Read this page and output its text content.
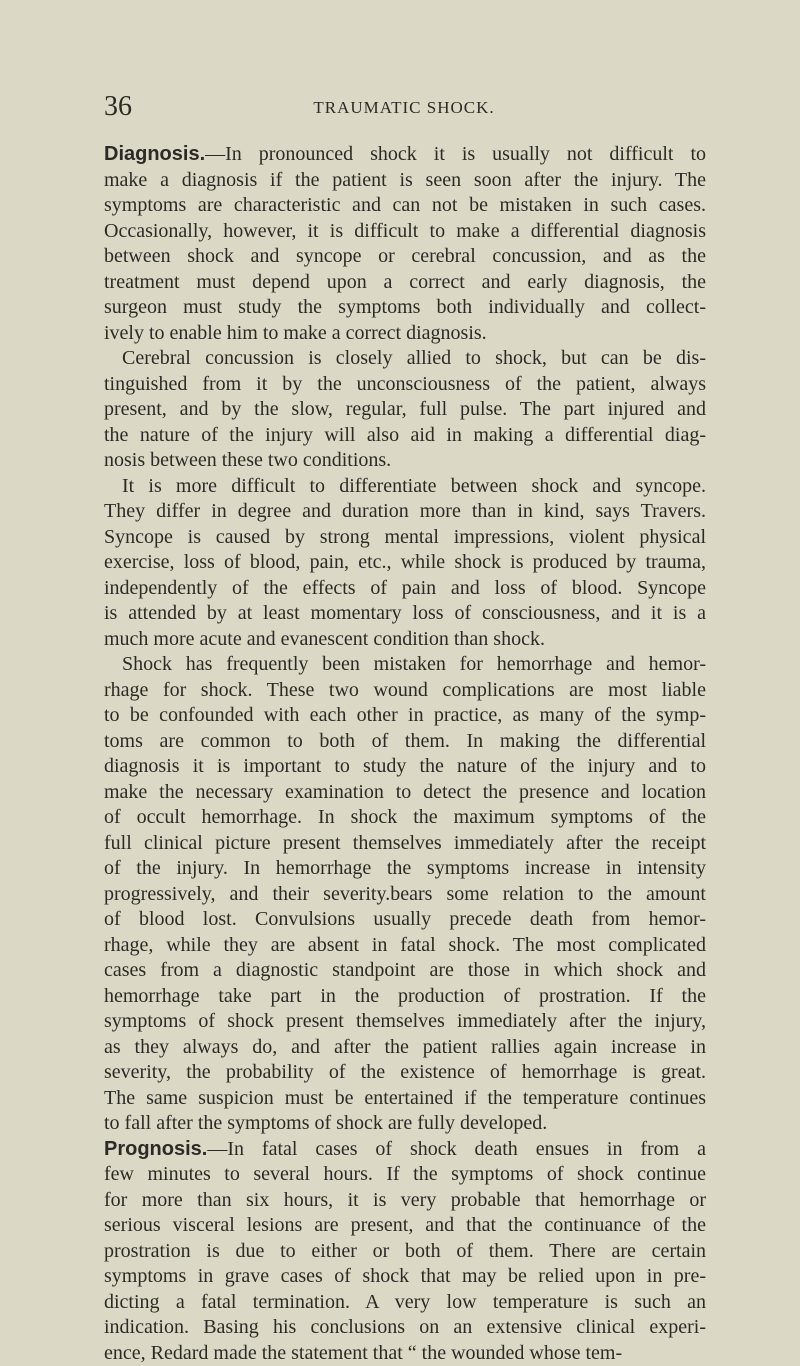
36	TRAUMATIC SHOCK.
Diagnosis.—In pronounced shock it is usually not difficult to
make a diagnosis if the patient is seen soon after the injury. The
symptoms are characteristic and can not be mistaken in such cases.
Occasionally, however, it is difficult to make a differential diagnosis
between shock and syncope or cerebral concussion, and as the
treatment must depend upon a correct and early diagnosis, the
surgeon must study the symptoms both individually and collect-
ively to enable him to make a correct diagnosis.
Cerebral concussion is closely allied to shock, but can be dis-
tinguished from it by the unconsciousness of the patient, always
present, and by the slow, regular, full pulse. The part injured and
the nature of the injury will also aid in making a differential diag-
nosis between these two conditions.
It is more difficult to differentiate between shock and syncope.
They differ in degree and duration more than in kind, says Travers.
Syncope is caused by strong mental impressions, violent physical
exercise, loss of blood, pain, etc., while shock is produced by trauma,
independently of the effects of pain and loss of blood. Syncope
is attended by at least momentary loss of consciousness, and it is a
much more acute and evanescent condition than shock.
Shock has frequently been mistaken for hemorrhage and hemor-
rhage for shock. These two wound complications are most liable
to be confounded with each other in practice, as many of the symp-
toms are common to both of them. In making the differential
diagnosis it is important to study the nature of the injury and to
make the necessary examination to detect the presence and location
of occult hemorrhage. In shock the maximum symptoms of the
full clinical picture present themselves immediately after the receipt
of the injury. In hemorrhage the symptoms increase in intensity
progressively, and their severity.bears some relation to the amount
of blood lost. Convulsions usually precede death from hemor-
rhage, while they are absent in fatal shock. The most complicated
cases from a diagnostic standpoint are those in which shock and
hemorrhage take part in the production of prostration. If the
symptoms of shock present themselves immediately after the injury,
as they always do, and after the patient rallies again increase in
severity, the probability of the existence of hemorrhage is great.
The same suspicion must be entertained if the temperature continues
to fall after the symptoms of shock are fully developed.
Prognosis.—In fatal cases of shock death ensues in from a
few minutes to several hours. If the symptoms of shock continue
for more than six hours, it is very probable that hemorrhage or
serious visceral lesions are present, and that the continuance of the
prostration is due to either or both of them. There are certain
symptoms in grave cases of shock that may be relied upon in pre-
dicting a fatal termination. A very low temperature is such an
indication. Basing his conclusions on an extensive clinical experi-
ence, Redard made the statement that “ the wounded whose tem-
